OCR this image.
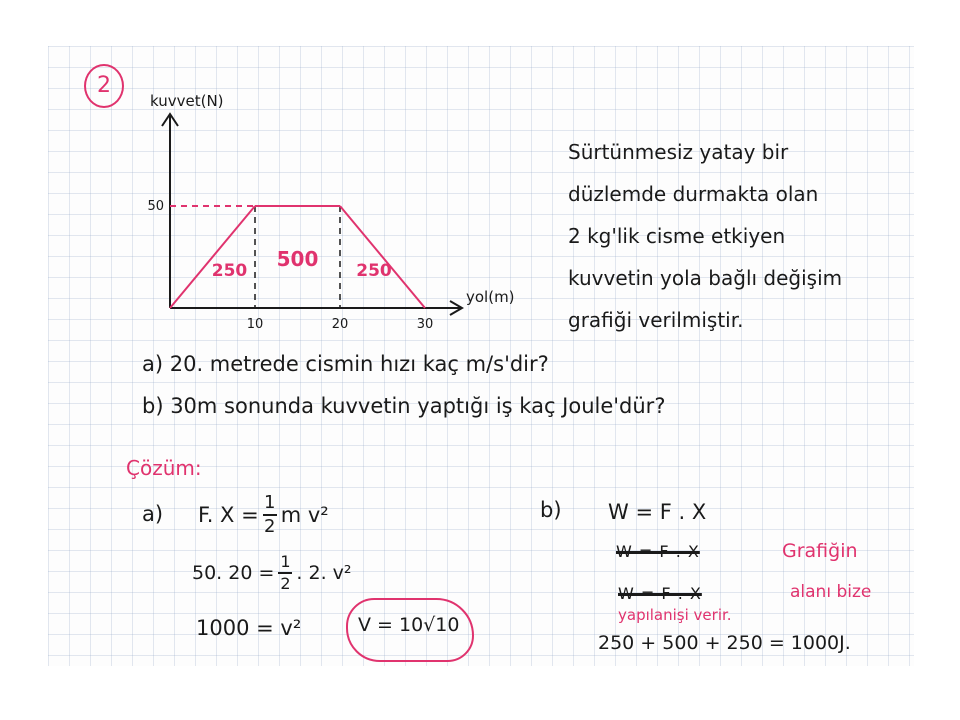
2
kuvvet(N)
yol(m)
10	20	30
50
250 500 250
Sürtünmesiz yatay bir
düzlemde durmakta olan
2 kg'lik cisme etkiyen
kuvvetin yola bağlı değişim
grafiği verilmiştir.
a) 20. metrede cismin hızı kaç m/s'dir?
b) 30m sonunda kuvvetin yaptığı iş kaç Joule'dür?
Çözüm:
a) F. $X = \frac{1}{2}$ m v²
50. $20 = \frac{1}{2}$ . 2. v²
1000 = v²	V = 10√10
b) W = F . X
W = F . X	Grafiğin
W = F . X	alanı bize
yapılanişi verir.
250 + 500 + 250 = 1000J.
